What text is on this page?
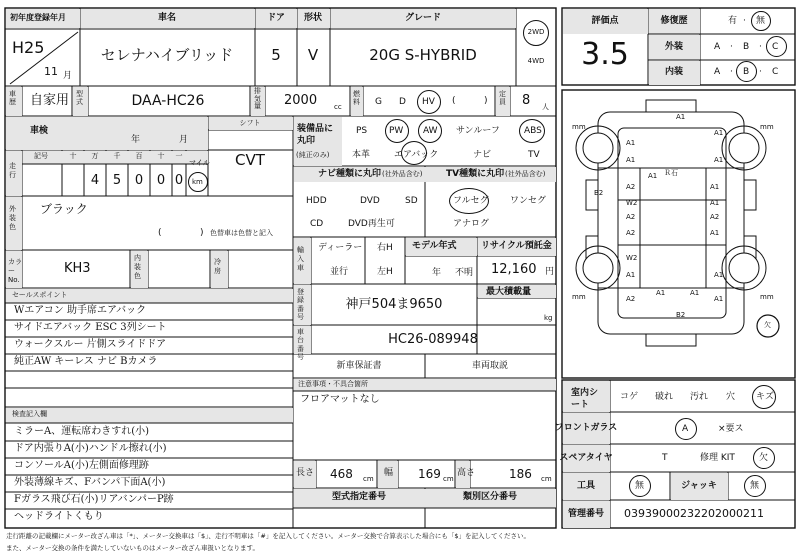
初年度登録年月
H25
11 月
車名
セレナハイブリッド
ドア
5
形状
V
グレード
20G S-HYBRID
2WD
4WD
評価点
3.5
修復歴	有 · 無
外装	A · B · C
内装	A · B · C
車歴 自家用 型式	DAA-HC26
排気量 2000 cc
燃料 G D HV (	)
定員 8 人
車検
年	月
シフト
CVT
走行
記号	十 万 千 百 十 一
4 5 0 0 0
マイル
km
装備品に丸印
(純正のみ)
PS PW AW サンルーフ	ABS
本革	エアバック	ナビ	TV
ナビ種類に丸印 (社外品含む)
HDD	DVD	SD
CD	DVD再生可
TV種類に丸印 (社外品含む)
フルセグ ワンセグ
アナログ
外装色
ブラック
(	) 色替車は色替と記入
カラーNo.
KH3
内装色
冷房
輸入車
ディーラー
並行
右H
左H
モデル年式
年 不明
リサイクル預託金
12,160 円
登録番号
神戸504ま9650
最大積載量
kg
車台番号
HC26-089948
セールスポイント
Wエアコン 助手席エアバック
サイドエアバック ESC 3列シート
ウォークスルー 片側スライドドア
純正AW キーレス ナビ Bカメラ	新車保証書	車両取説
注意事項・不具合箇所
フロアマットなし
検査記入欄
ミラーA、運転席わきすれ(小)
ドア内張りA(小)ハンドル擦れ(小)
コンソールA(小)左側面修理跡
外装薄線キズ、Fバンパ下面A(小)
Fガラス飛び石(小)リアバンパーP跡
ヘッドライトくもり
長さ 468 cm
幅 169 cm
高さ	186 cm
型式指定番号	類別区分番号
室内シート
コゲ 破れ 汚れ 穴 キズ
フロントガラス	A	×要ス
スペアタイヤ	T	修理 KIT	欠
工具	無	ジャッキ	無
管理番号 03939000232202000211
mm	mm
mm	mm
A1
A1
A1
A1	A1
A1
B2
A2	A1
W2	A1
A2	A2
A2	A1
W2
A1	A1
B2
A1	A1
A2	A1
Ｒ石
欠
走行距離の記載欄にメーター改ざん車は「*」、メーター交換車は「$」、走行不明車は「#」を記入してください。メーター交換で合算表示した場合にも「$」を記入してください。
また、メーター交換の条件を満たしていないものはメーター改ざん車扱いとなります。
